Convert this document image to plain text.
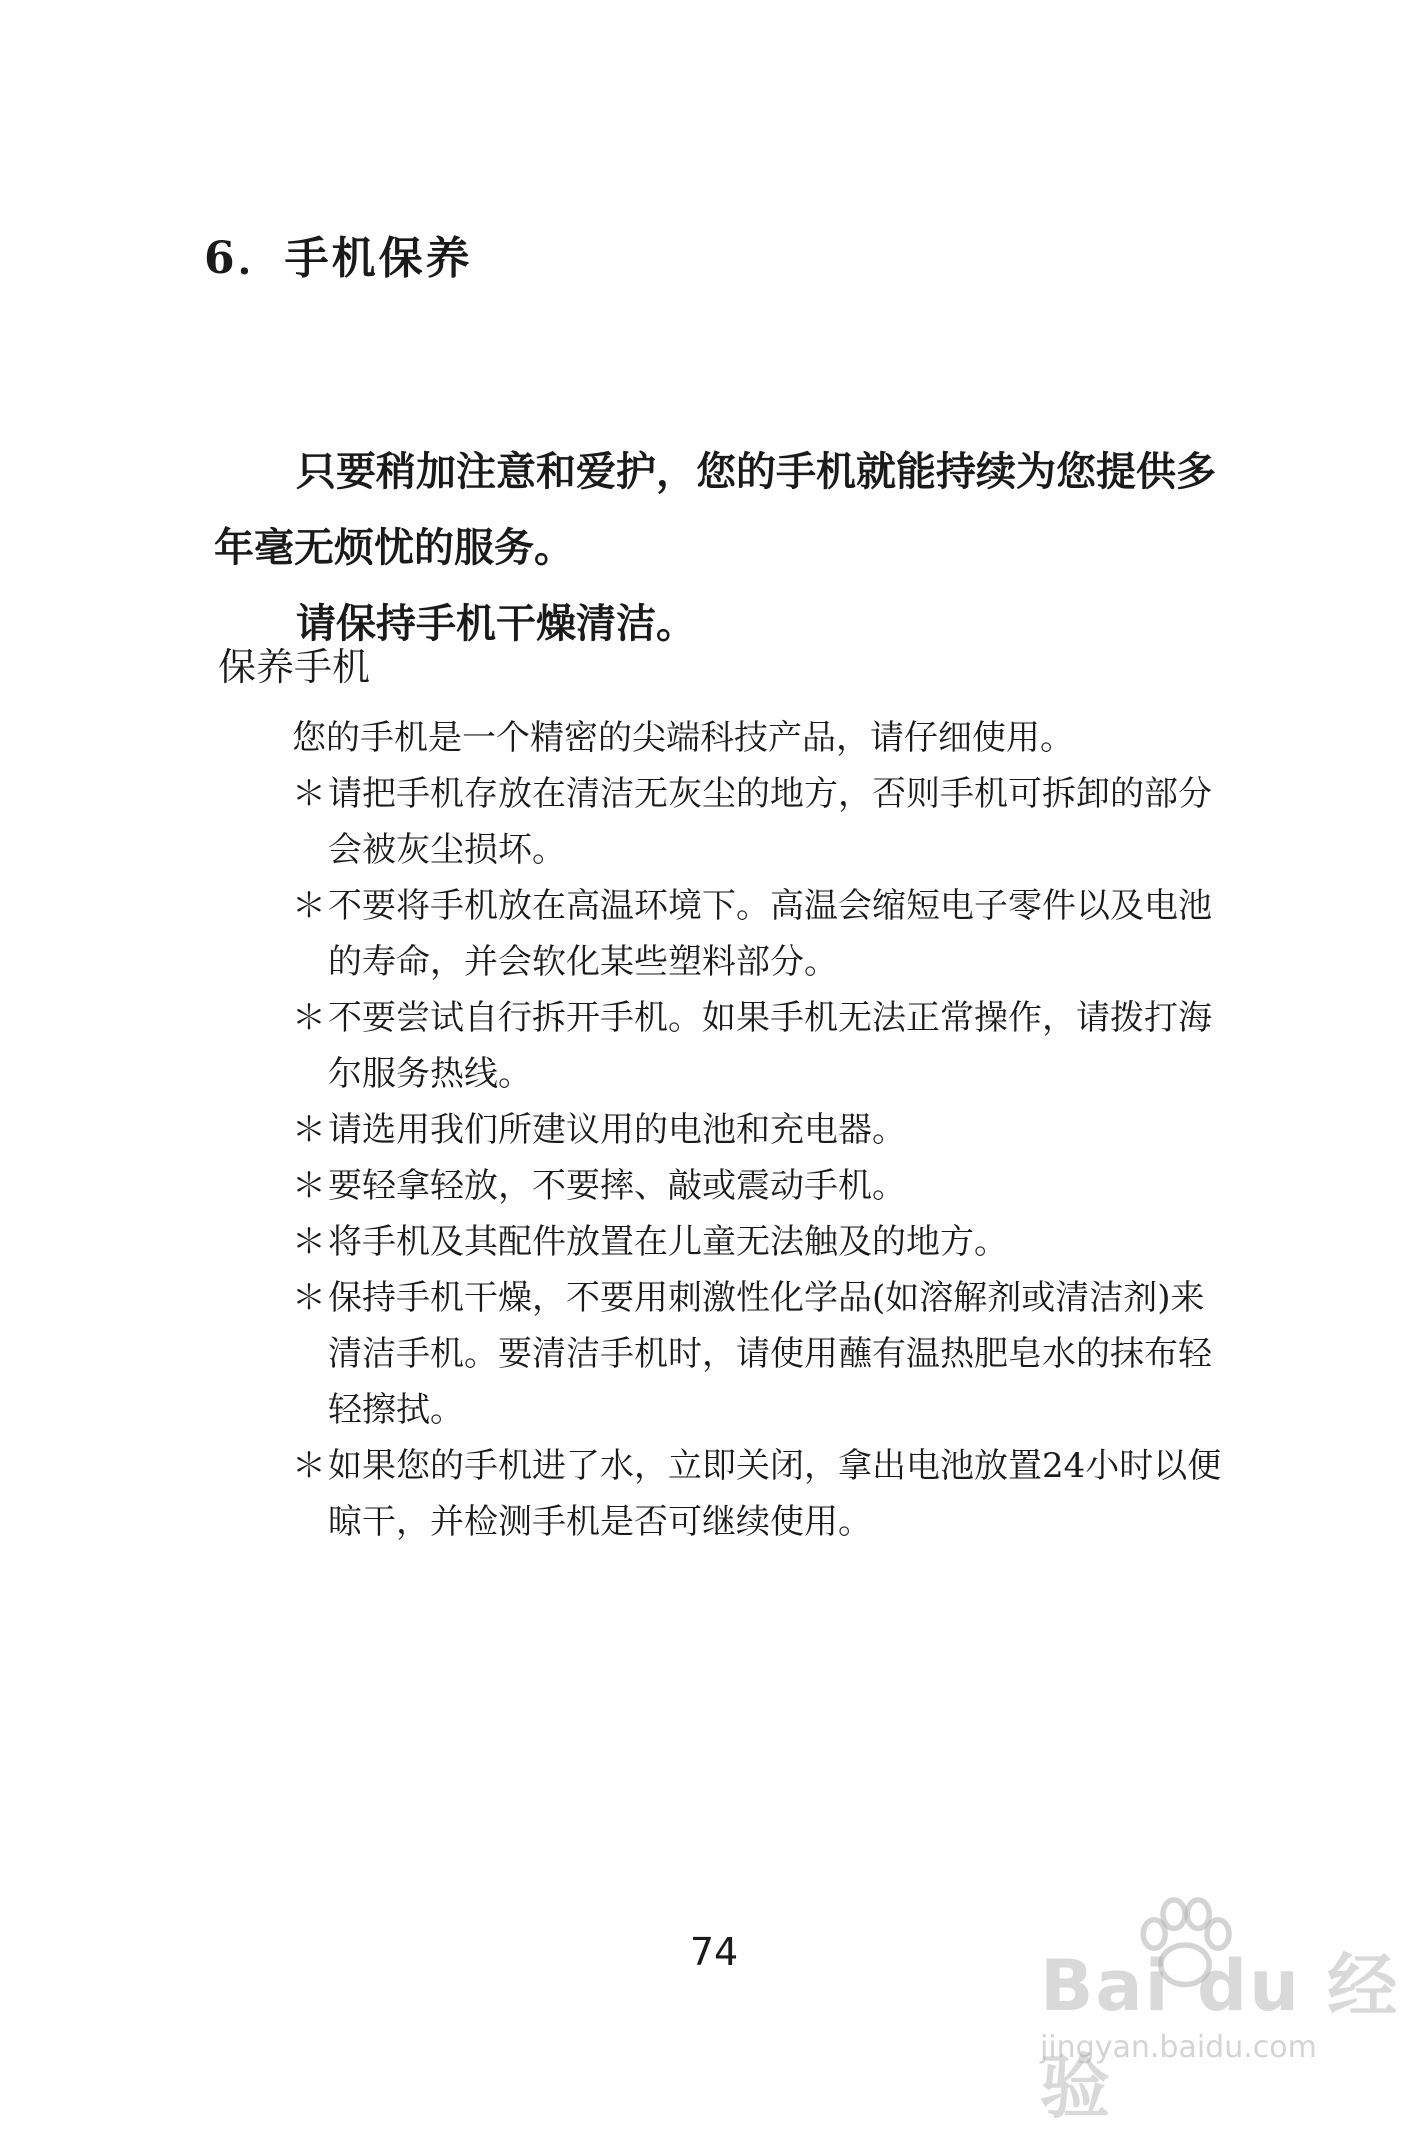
6．手机保养

只要稍加注意和爱护，您的手机就能持续为您提供多年毫无烦忧的服务。

请保持手机干燥清洁。

保养手机

您的手机是一个精密的尖端科技产品，请仔细使用。

＊ 请把手机存放在清洁无灰尘的地方，否则手机可拆卸的部分会被灰尘损坏。
＊ 不要将手机放在高温环境下。高温会缩短电子零件以及电池的寿命，并会软化某些塑料部分。
＊ 不要尝试自行拆开手机。如果手机无法正常操作，请拨打海尔服务热线。
＊ 请选用我们所建议用的电池和充电器。
＊ 要轻拿轻放，不要摔、敲或震动手机。
＊ 将手机及其配件放置在儿童无法触及的地方。
＊ 保持手机干燥，不要用刺激性化学品(如溶解剂或清洁剂)来清洁手机。要清洁手机时，请使用蘸有温热肥皂水的抹布轻轻擦拭。
＊ 如果您的手机进了水，立即关闭，拿出电池放置24小时以便晾干，并检测手机是否可继续使用。
74	Bai du 经验
jingyan.baidu.com
